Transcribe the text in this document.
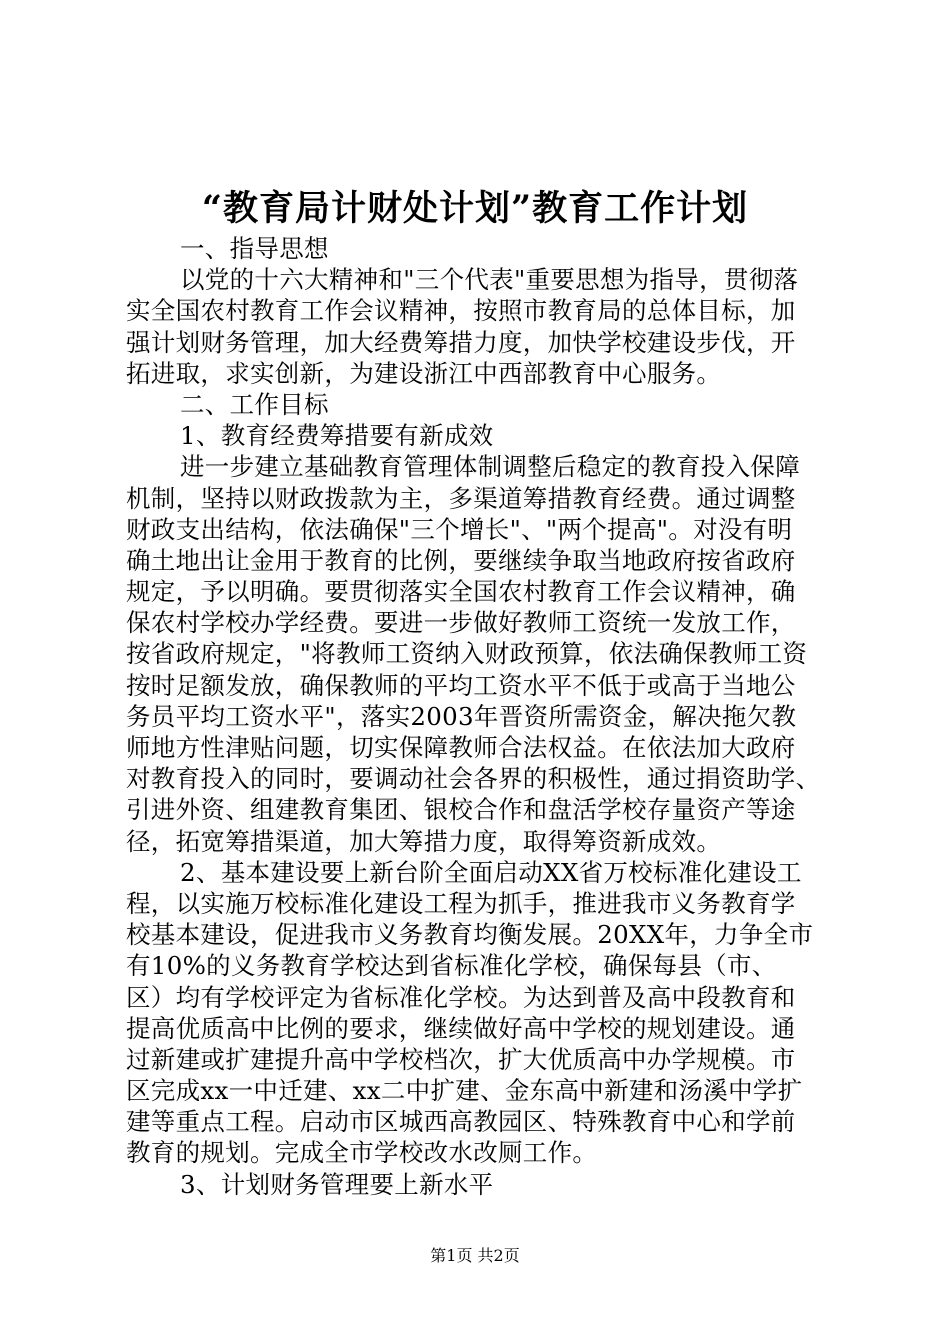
“教育局计财处计划”教育工作计划
一、指导思想
以党的十六大精神和"三个代表"重要思想为指导，贯彻落
实全国农村教育工作会议精神，按照市教育局的总体目标，加
强计划财务管理，加大经费筹措力度，加快学校建设步伐，开
拓进取，求实创新，为建设浙江中西部教育中心服务。
二、工作目标
1、教育经费筹措要有新成效
进一步建立基础教育管理体制调整后稳定的教育投入保障
机制，坚持以财政拨款为主，多渠道筹措教育经费。通过调整
财政支出结构，依法确保"三个增长"、"两个提高"。对没有明
确土地出让金用于教育的比例，要继续争取当地政府按省政府
规定，予以明确。要贯彻落实全国农村教育工作会议精神，确
保农村学校办学经费。要进一步做好教师工资统一发放工作，
按省政府规定，"将教师工资纳入财政预算，依法确保教师工资
按时足额发放，确保教师的平均工资水平不低于或高于当地公
务员平均工资水平"，落实2003年晋资所需资金，解决拖欠教
师地方性津贴问题，切实保障教师合法权益。在依法加大政府
对教育投入的同时，要调动社会各界的积极性，通过捐资助学、
引进外资、组建教育集团、银校合作和盘活学校存量资产等途
径，拓宽筹措渠道，加大筹措力度，取得筹资新成效。
2、基本建设要上新台阶全面启动XX省万校标准化建设工
程，以实施万校标准化建设工程为抓手，推进我市义务教育学
校基本建设，促进我市义务教育均衡发展。20XX年，力争全市
有10%的义务教育学校达到省标准化学校，确保每县（市、
区）均有学校评定为省标准化学校。为达到普及高中段教育和
提高优质高中比例的要求，继续做好高中学校的规划建设。通
过新建或扩建提升高中学校档次，扩大优质高中办学规模。市
区完成xx一中迁建、xx二中扩建、金东高中新建和汤溪中学扩
建等重点工程。启动市区城西高教园区、特殊教育中心和学前
教育的规划。完成全市学校改水改厕工作。
3、计划财务管理要上新水平
第1页 共2页
